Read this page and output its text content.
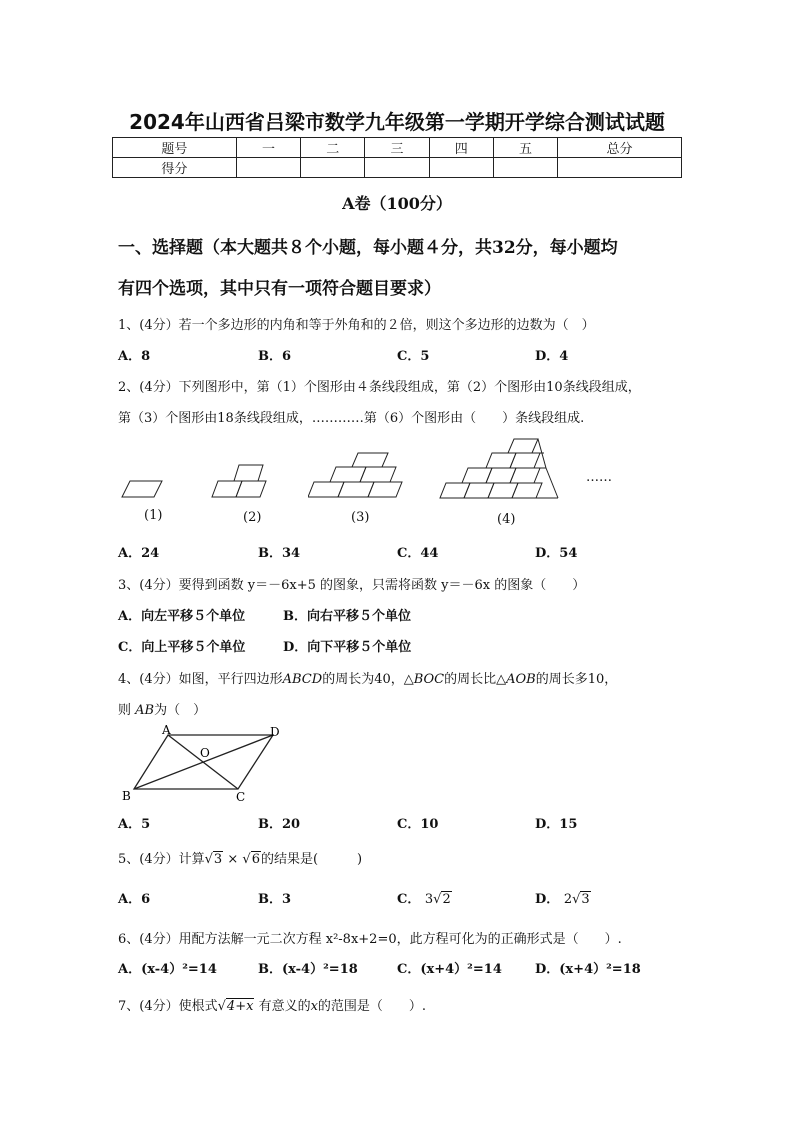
2024年山西省吕梁市数学九年级第一学期开学综合测试试题
题号	一	二	三	四	五	总分
得分						
A卷（100分）
一、选择题（本大题共８个小题，每小题４分，共32分，每小题均
有四个选项，其中只有一项符合题目要求）
1、(4分）若一个多边形的内角和等于外角和的２倍，则这个多边形的边数为（　）
A．8	B．6	C．5	D．4
2、(4分）下列图形中，第（1）个图形由４条线段组成，第（2）个图形由10条线段组成，
第（3）个图形由18条线段组成，…………第（6）个图形由（　　）条线段组成.
……
(1)	(2)	(3)	(4)
A．24	B．34	C．44	D．54
3、(4分）要得到函数 y＝－6x+5 的图象，只需将函数 y＝－6x 的图象（　　）
A．向左平移５个单位	B．向右平移５个单位
C．向上平移５个单位	D．向下平移５个单位
4、(4分）如图，平行四边形ABCD的周长为40，△BOC的周长比△AOB的周长多10，
则 AB为（　）
A	D
O
B	C
A．5	B．20	C．10	D．15
5、(4分）计算√3 × √6的结果是(　　　)
A．6	B．3	C． 3√2	D． 2√3
6、(4分）用配方法解一元二次方程 x²-8x+2=0，此方程可化为的正确形式是（　　）.
A．(x-4）²=14	B．(x-4）²=18	C．(x+4）²=14	D．(x+4）²=18
7、(4分）使根式√4+x 有意义的x的范围是（　　）.
